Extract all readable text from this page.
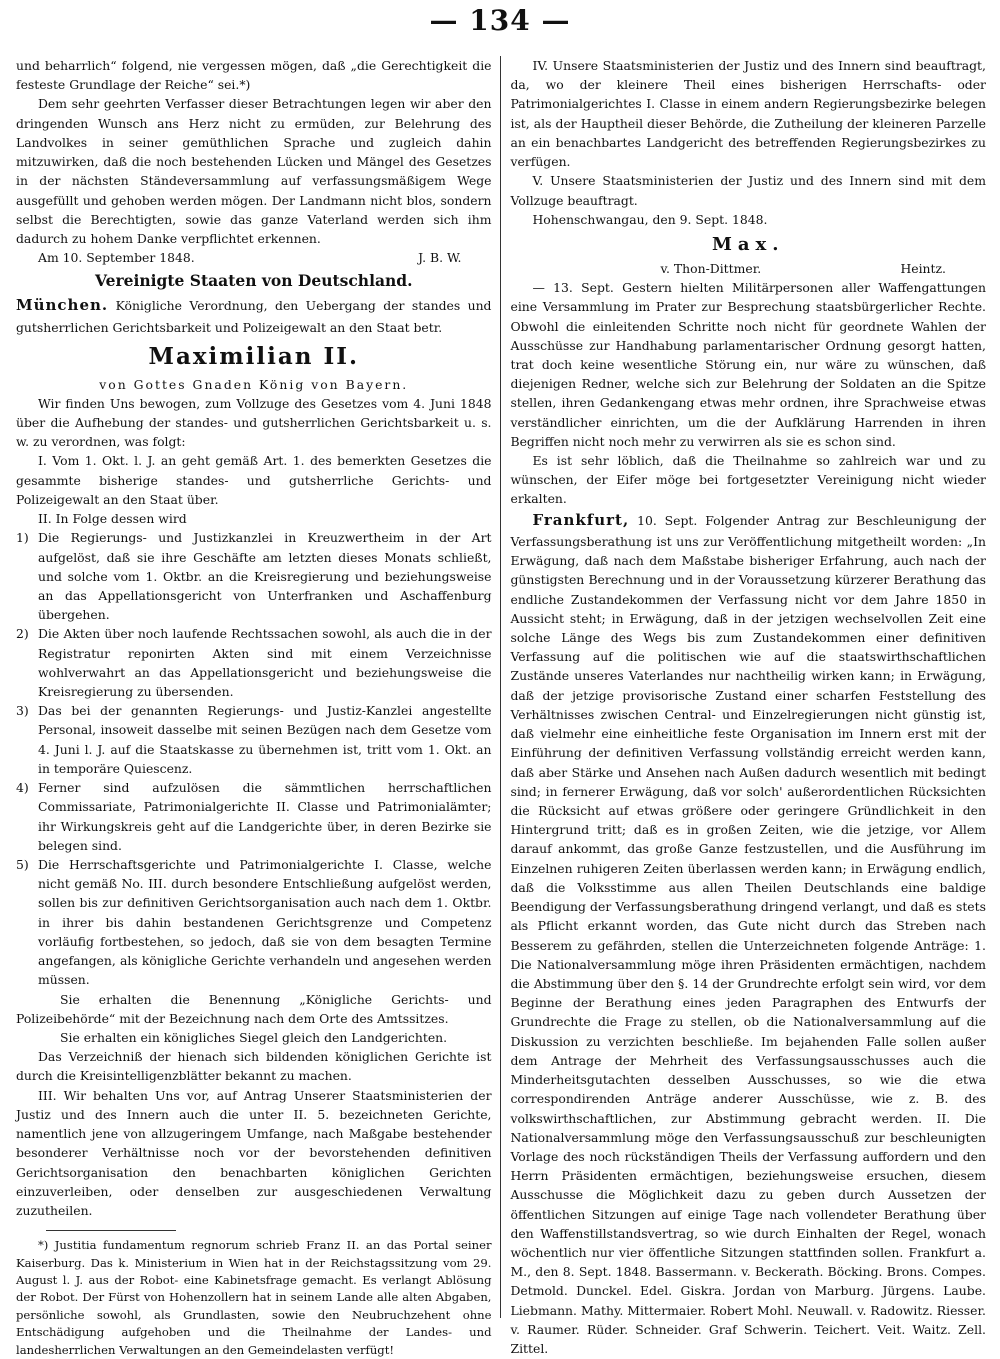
— 134 —

und beharrlich“ folgend, nie vergessen mögen, daß „die Gerechtigkeit die festeste Grundlage der Reiche“ sei.*)

Dem sehr geehrten Verfasser dieser Betrachtungen legen wir aber den dringenden Wunsch ans Herz nicht zu ermüden, zur Belehrung des Landvolkes in seiner gemüthlichen Sprache und zugleich dahin mitzuwirken, daß die noch bestehenden Lücken und Mängel des Gesetzes in der nächsten Ständeversammlung auf verfassungsmäßigem Wege ausgefüllt und gehoben werden mögen. Der Landmann nicht blos, sondern selbst die Berechtigten, sowie das ganze Vaterland werden sich ihm dadurch zu hohem Danke verpflichtet erkennen.

Am 10. September 1848.	J. B. W.
Vereinigte Staaten von Deutschland.

München. Königliche Verordnung, den Uebergang der standes und gutsherrlichen Gerichtsbarkeit und Polizeigewalt an den Staat betr.

Maximilian II.
von Gottes Gnaden König von Bayern.

Wir finden Uns bewogen, zum Vollzuge des Gesetzes vom 4. Juni 1848 über die Aufhebung der standes- und gutsherrlichen Gerichtsbarkeit u. s. w. zu verordnen, was folgt:

I. Vom 1. Okt. l. J. an geht gemäß Art. 1. des bemerkten Gesetzes die gesammte bisherige standes- und gutsherrliche Gerichts- und Polizeigewalt an den Staat über.

II. In Folge dessen wird

1) Die Regierungs- und Justizkanzlei in Kreuzwertheim in der Art aufgelöst, daß sie ihre Geschäfte am letzten dieses Monats schließt, und solche vom 1. Oktbr. an die Kreisregierung und beziehungsweise an das Appellationsgericht von Unterfranken und Aschaffenburg übergehen.
2) Die Akten über noch laufende Rechtssachen sowohl, als auch die in der Registratur reponirten Akten sind mit einem Verzeichnisse wohlverwahrt an das Appellationsgericht und beziehungsweise die Kreisregierung zu übersenden.
3) Das bei der genannten Regierungs- und Justiz-Kanzlei angestellte Personal, insoweit dasselbe mit seinen Bezügen nach dem Gesetze vom 4. Juni l. J. auf die Staatskasse zu übernehmen ist, tritt vom 1. Okt. an in temporäre Quiescenz.
4) Ferner sind aufzulösen die sämmtlichen herrschaftlichen Commissariate, Patrimonialgerichte II. Classe und Patrimonialämter; ihr Wirkungskreis geht auf die Landgerichte über, in deren Bezirke sie belegen sind.
5) Die Herrschaftsgerichte und Patrimonialgerichte I. Classe, welche nicht gemäß No. III. durch besondere Entschließung aufgelöst werden, sollen bis zur definitiven Gerichtsorganisation auch nach dem 1. Oktbr. in ihrer bis dahin bestandenen Gerichtsgrenze und Competenz vorläufig fortbestehen, so jedoch, daß sie von dem besagten Termine angefangen, als königliche Gerichte verhandeln und angesehen werden müssen.

Sie erhalten die Benennung „Königliche Gerichts- und Polizeibehörde“ mit der Bezeichnung nach dem Orte des Amtssitzes.

Sie erhalten ein königliches Siegel gleich den Landgerichten.

Das Verzeichniß der hienach sich bildenden königlichen Gerichte ist durch die Kreisintelligenzblätter bekannt zu machen.

III. Wir behalten Uns vor, auf Antrag Unserer Staatsministerien der Justiz und des Innern auch die unter II. 5. bezeichneten Gerichte, namentlich jene von allzugeringem Umfange, nach Maßgabe bestehender besonderer Verhältnisse noch vor der bevorstehenden definitiven Gerichtsorganisation den benachbarten königlichen Gerichten einzuverleiben, oder denselben zur ausgeschiedenen Verwaltung zuzutheilen.

*) Justitia fundamentum regnorum schrieb Franz II. an das Portal seiner Kaiserburg. Das k. Ministerium in Wien hat in der Reichstagssitzung vom 29. August l. J. aus der Robot- eine Kabinetsfrage gemacht. Es verlangt Ablösung der Robot. Der Fürst von Hohenzollern hat in seinem Lande alle alten Abgaben, persönliche sowohl, als Grundlasten, sowie den Neubruchzehent ohne Entschädigung aufgehoben und die Theilnahme der Landes- und landesherrlichen Verwaltungen an den Gemeindelasten verfügt!

IV. Unsere Staatsministerien der Justiz und des Innern sind beauftragt, da, wo der kleinere Theil eines bisherigen Herrschafts- oder Patrimonialgerichtes I. Classe in einem andern Regierungsbezirke belegen ist, als der Hauptheil dieser Behörde, die Zutheilung der kleineren Parzelle an ein benachbartes Landgericht des betreffenden Regierungsbezirkes zu verfügen.

V. Unsere Staatsministerien der Justiz und des Innern sind mit dem Vollzuge beauftragt.

Hohenschwangau, den 9. Sept. 1848.

Max.
v. Thon-Dittmer.	Heintz.

— 13. Sept. Gestern hielten Militärpersonen aller Waffengattungen eine Versammlung im Prater zur Besprechung staatsbürgerlicher Rechte. Obwohl die einleitenden Schritte noch nicht für geordnete Wahlen der Ausschüsse zur Handhabung parlamentarischer Ordnung gesorgt hatten, trat doch keine wesentliche Störung ein, nur wäre zu wünschen, daß diejenigen Redner, welche sich zur Belehrung der Soldaten an die Spitze stellen, ihren Gedankengang etwas mehr ordnen, ihre Sprachweise etwas verständlicher einrichten, um die der Aufklärung Harrenden in ihren Begriffen nicht noch mehr zu verwirren als sie es schon sind.

Es ist sehr löblich, daß die Theilnahme so zahlreich war und zu wünschen, der Eifer möge bei fortgesetzter Vereinigung nicht wieder erkalten.

Frankfurt, 10. Sept. Folgender Antrag zur Beschleunigung der Verfassungsberathung ist uns zur Veröffentlichung mitgetheilt worden: „In Erwägung, daß nach dem Maßstabe bisheriger Erfahrung, auch nach der günstigsten Berechnung und in der Voraussetzung kürzerer Berathung das endliche Zustandekommen der Verfassung nicht vor dem Jahre 1850 in Aussicht steht; in Erwägung, daß in der jetzigen wechselvollen Zeit eine solche Länge des Wegs bis zum Zustandekommen einer definitiven Verfassung auf die politischen wie auf die staatswirthschaftlichen Zustände unseres Vaterlandes nur nachtheilig wirken kann; in Erwägung, daß der jetzige provisorische Zustand einer scharfen Feststellung des Verhältnisses zwischen Central- und Einzelregierungen nicht günstig ist, daß vielmehr eine einheitliche feste Organisation im Innern erst mit der Einführung der definitiven Verfassung vollständig erreicht werden kann, daß aber Stärke und Ansehen nach Außen dadurch wesentlich mit bedingt sind; in fernerer Erwägung, daß vor solch' außerordentlichen Rücksichten die Rücksicht auf etwas größere oder geringere Gründlichkeit in den Hintergrund tritt; daß es in großen Zeiten, wie die jetzige, vor Allem darauf ankommt, das große Ganze festzustellen, und die Ausführung im Einzelnen ruhigeren Zeiten überlassen werden kann; in Erwägung endlich, daß die Volksstimme aus allen Theilen Deutschlands eine baldige Beendigung der Verfassungsberathung dringend verlangt, und daß es stets als Pflicht erkannt worden, das Gute nicht durch das Streben nach Besserem zu gefährden, stellen die Unterzeichneten folgende Anträge: 1. Die Nationalversammlung möge ihren Präsidenten ermächtigen, nachdem die Abstimmung über den §. 14 der Grundrechte erfolgt sein wird, vor dem Beginne der Berathung eines jeden Paragraphen des Entwurfs der Grundrechte die Frage zu stellen, ob die Nationalversammlung auf die Diskussion zu verzichten beschließe. Im bejahenden Falle sollen außer dem Antrage der Mehrheit des Verfassungsausschusses auch die Minderheitsgutachten desselben Ausschusses, so wie die etwa correspondirenden Anträge anderer Ausschüsse, wie z. B. des volkswirthschaftlichen, zur Abstimmung gebracht werden. II. Die Nationalversammlung möge den Verfassungsausschuß zur beschleunigten Vorlage des noch rückständigen Theils der Verfassung auffordern und den Herrn Präsidenten ermächtigen, beziehungsweise ersuchen, diesem Ausschusse die Möglichkeit dazu zu geben durch Aussetzen der öffentlichen Sitzungen auf einige Tage nach vollendeter Berathung über den Waffenstillstandsvertrag, so wie durch Einhalten der Regel, wonach wöchentlich nur vier öffentliche Sitzungen stattfinden sollen. Frankfurt a. M., den 8. Sept. 1848. Bassermann. v. Beckerath. Böcking. Brons. Compes. Detmold. Dunckel. Edel. Giskra. Jordan von Marburg. Jürgens. Laube. Liebmann. Mathy. Mittermaier. Robert Mohl. Neuwall. v. Radowitz. Riesser. v. Raumer. Rüder. Schneider. Graf Schwerin. Teichert. Veit. Waitz. Zell. Zittel.
